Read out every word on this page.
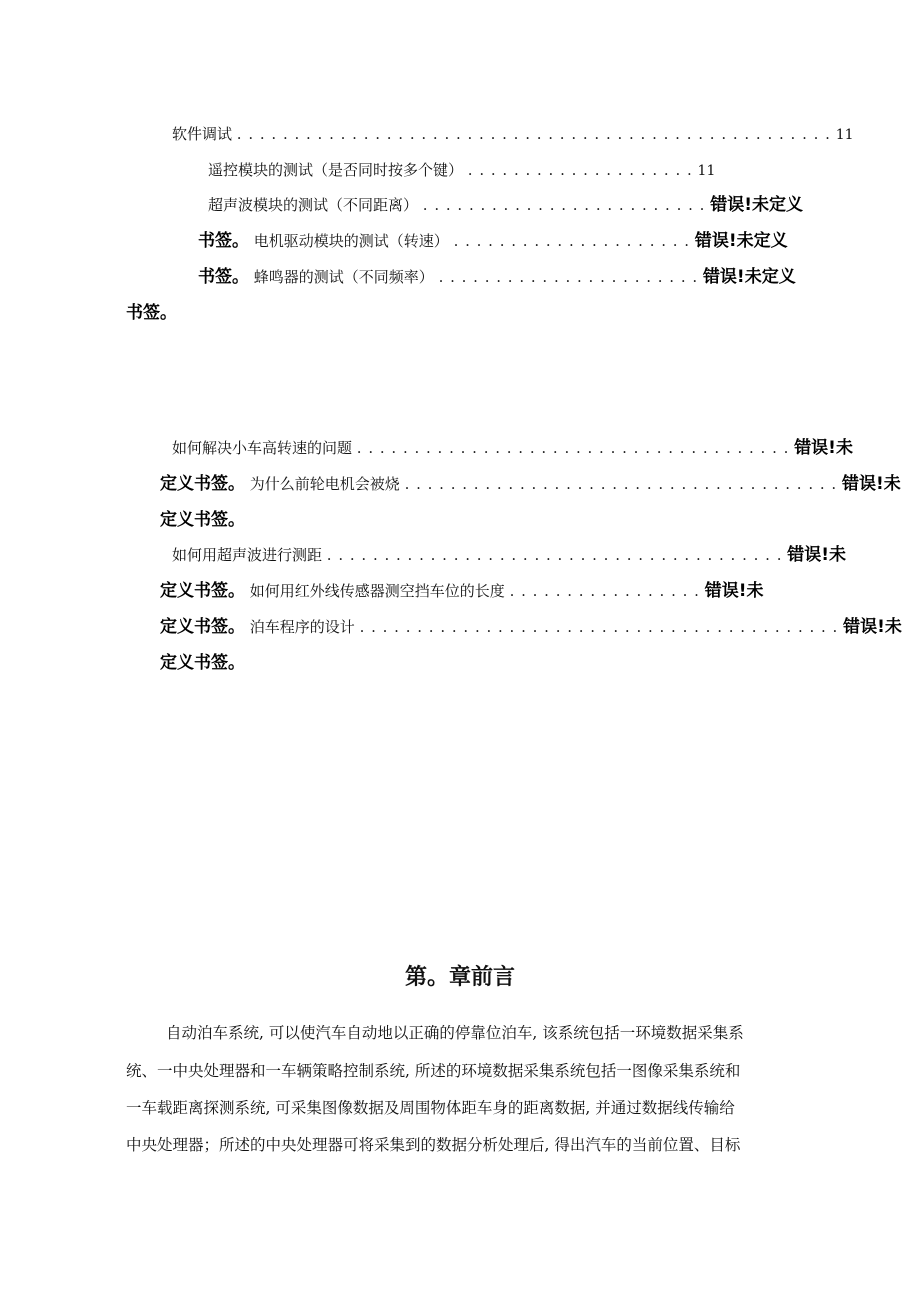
软件调试 . . . . . . . . . . . . . . . . . . . . . . . . . . . . . . . . . . . . . . . . . . . . . . . . . . . . 11
遥控模块的测试（是否同时按多个键） . . . . . . . . . . . . . . . . . . . . 11
超声波模块的测试（不同距离） . . . . . . . . . . . . . . . . . . . . . . . . . 错误!未定义
书签。 电机驱动模块的测试（转速） . . . . . . . . . . . . . . . . . . . . . 错误!未定义
书签。 蜂鸣器的测试（不同频率） . . . . . . . . . . . . . . . . . . . . . . . 错误!未定义
书签。
如何解决小车高转速的问题 . . . . . . . . . . . . . . . . . . . . . . . . . . . . . . . . . . . . . . 错误!未
定义书签。 为什么前轮电机会被烧 . . . . . . . . . . . . . . . . . . . . . . . . . . . . . . . . . . . . . . 错误!未
定义书签。
如何用超声波进行测距 . . . . . . . . . . . . . . . . . . . . . . . . . . . . . . . . . . . . . . . . 错误!未
定义书签。 如何用红外线传感器测空挡车位的长度 . . . . . . . . . . . . . . . . . 错误!未
定义书签。 泊车程序的设计 . . . . . . . . . . . . . . . . . . . . . . . . . . . . . . . . . . . . . . . . . . 错误!未
定义书签。
第。章前言
自动泊车系统, 可以使汽车自动地以正确的停靠位泊车, 该系统包括一环境数据采集系
统、一中央处理器和一车辆策略控制系统, 所述的环境数据采集系统包括一图像采集系统和
一车载距离探测系统, 可采集图像数据及周围物体距车身的距离数据, 并通过数据线传输给
中央处理器；所述的中央处理器可将采集到的数据分析处理后, 得出汽车的当前位置、目标
